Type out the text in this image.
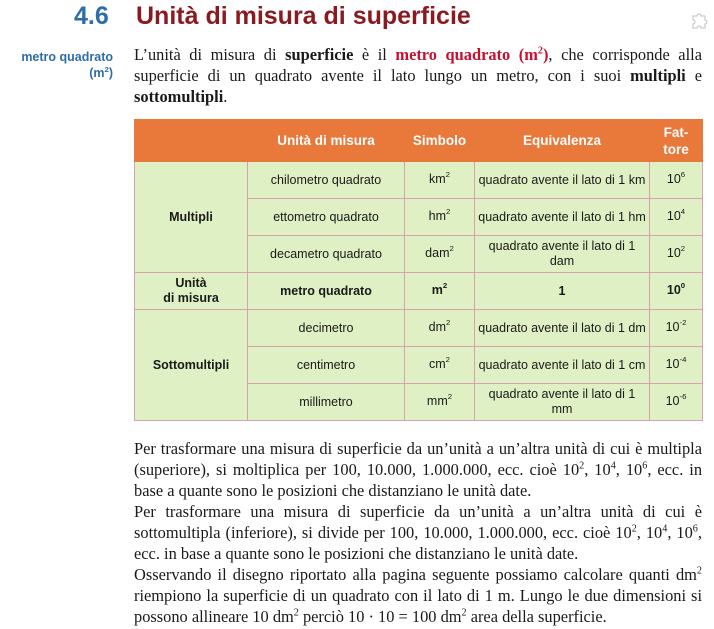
4.6 Unità di misura di superficie
metro quadrato
$(m^2)$
L’unità di misura di superficie è il metro quadrato $(m^2)$, che corrisponde alla superficie di un quadrato avente il lato lungo un metro, con i suoi multipli e sottomultipli.
	Unità di misura	Simbolo	Equivalenza	Fat-
tore
Multipli	chilometro quadrato	$km^2$	quadrato avente il lato di 1 km	$10^6$
	ettometro quadrato	$hm^2$	quadrato avente il lato di 1 hm	$10^4$
	decametro quadrato	dam$^2$	quadrato avente il lato di 1 dam	$10^2$
Unità
di misura	metro quadrato	$m^2$	1	$10^0$
Sottomultipli	decimetro	$dm^2$	quadrato avente il lato di 1 dm	$10^{-2}$
	centimetro	$cm^2$	quadrato avente il lato di 1 cm	$10^{-4}$
	millimetro	$mm^2$	quadrato avente il lato di 1 mm	$10^{-6}$

Per trasformare una misura di superficie da un’unità a un’altra unità di cui è multipla (superiore), si moltiplica per 100, 10.000, 1.000.000, ecc. cioè $10^2$, $10^4$, $10^6$, ecc. in base a quante sono le posizioni che distanziano le unità date.

Per trasformare una misura di superficie da un’unità a un’altra unità di cui è sottomultipla (inferiore), si divide per 100, 10.000, 1.000.000, ecc. cioè $10^2$, $10^4$, $10^6$, ecc. in base a quante sono le posizioni che distanziano le unità date.

Osservando il disegno riportato alla pagina seguente possiamo calcolare quanti $dm^2$ riempiono la superficie di un quadrato con il lato di 1 m. Lungo le due dimensioni si possono allineare 10 $dm^2$ perciò 10 · 10 = 100 $dm^2$ area della superficie.
